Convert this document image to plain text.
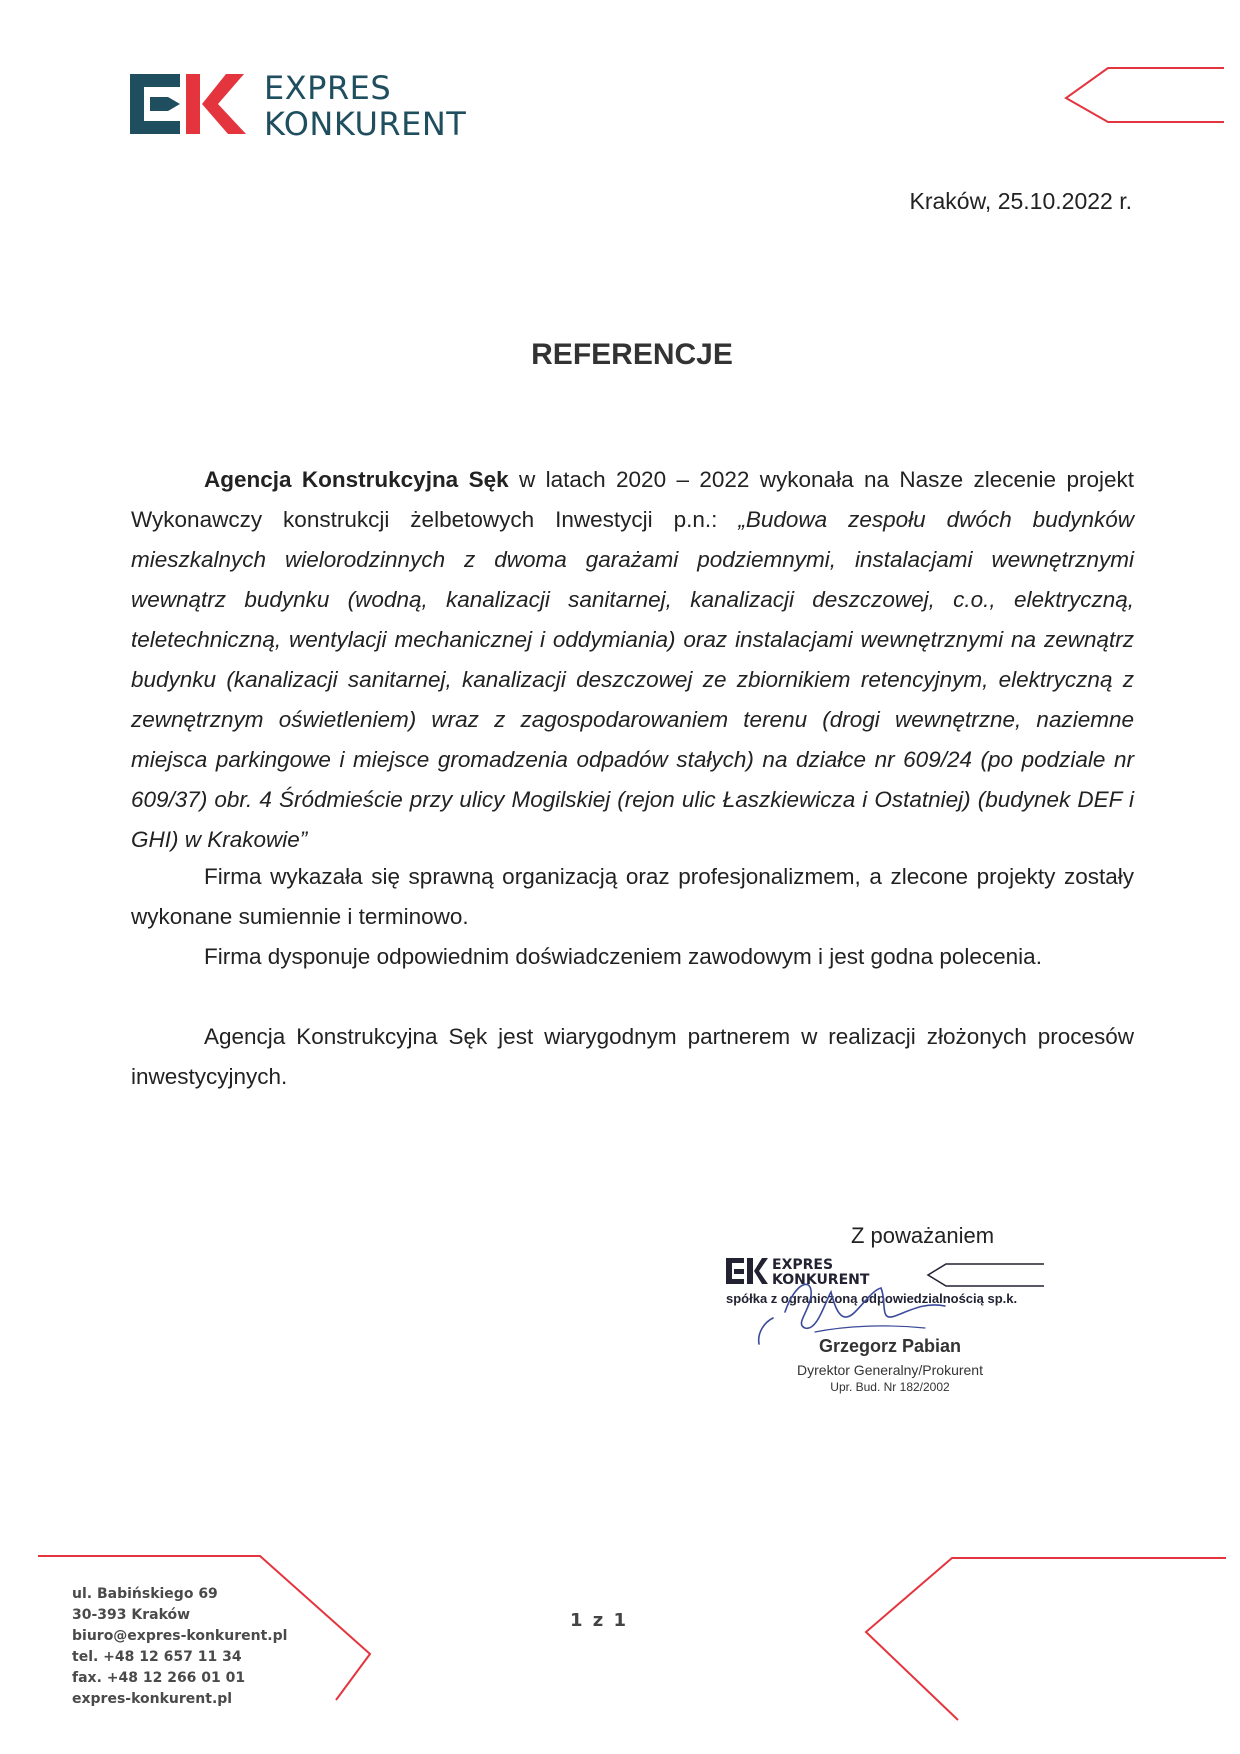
EXPRES
KONKURENT
Kraków, 25.10.2022 r.
REFERENCJE
Agencja Konstrukcyjna Sęk w latach 2020 – 2022 wykonała na Nasze zlecenie projekt Wykonawczy konstrukcji żelbetowych Inwestycji p.n.: „Budowa zespołu dwóch budynków mieszkalnych wielorodzinnych z dwoma garażami podziemnymi, instalacjami wewnętrznymi wewnątrz budynku (wodną, kanalizacji sanitarnej, kanalizacji deszczowej, c.o., elektryczną, teletechniczną, wentylacji mechanicznej i oddymiania) oraz instalacjami wewnętrznymi na zewnątrz budynku (kanalizacji sanitarnej, kanalizacji deszczowej ze zbiornikiem retencyjnym, elektryczną z zewnętrznym oświetleniem) wraz z zagospodarowaniem terenu (drogi wewnętrzne, naziemne miejsca parkingowe i miejsce gromadzenia odpadów stałych) na działce nr 609/24 (po podziale nr 609/37) obr. 4 Śródmieście przy ulicy Mogilskiej (rejon ulic Łaszkiewicza i Ostatniej) (budynek DEF i GHI) w Krakowie”
Firma wykazała się sprawną organizacją oraz profesjonalizmem, a zlecone projekty zostały wykonane sumiennie i terminowo.
Firma dysponuje odpowiednim doświadczeniem zawodowym i jest godna polecenia.
Agencja Konstrukcyjna Sęk jest wiarygodnym partnerem w realizacji złożonych procesów inwestycyjnych.
Z poważaniem
EXPRES
KONKURENT
spółka z ograniczoną odpowiedzialnością sp.k.
Grzegorz Pabian
Dyrektor Generalny/Prokurent
Upr. Bud. Nr 182/2002
ul. Babińskiego 69
30-393 Kraków
biuro@expres-konkurent.pl
tel. +48 12 657 11 34
fax. +48 12 266 01 01
expres-konkurent.pl
1 z 1
